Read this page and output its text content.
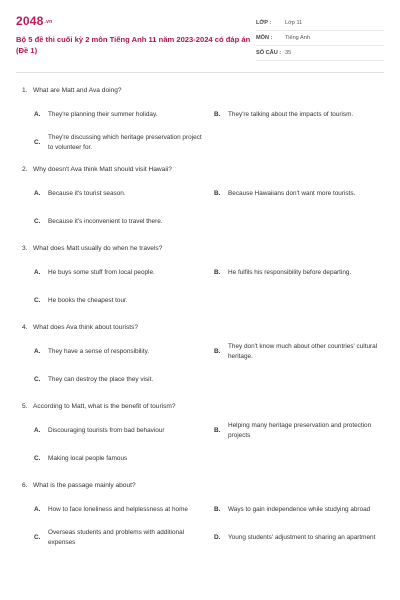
2048.vn
Bộ 5 đề thi cuối kỳ 2 môn Tiếng Anh 11 năm 2023-2024 có đáp án (Đề 1)
LỚP :	Lớp 11
MÔN :	Tiếng Anh
SỐ CÂU : 35
1. What are Matt and Ava doing?
A.	They're planning their summer holiday.	B.	They're talking about the impacts of tourism.
C.
They're discussing which heritage preservation project to volunteer for.
2. Why doesn't Ava think Matt should visit Hawaii?
A.	Because it's tourist season.	B.	Because Hawaiians don't want more tourists.
C.	Because it's inconvenient to travel there.
3. What does Matt usually do when he travels?
A.	He buys some stuff from local people.	B.	He fulfils his responsibility before departing.
C.	He books the cheapest tour.
4. What does Ava think about tourists?
A.	They have a sense of responsibility.	B.
They don't know much about other countries' cultural heritage.
C.	They can destroy the place they visit.
5. According to Matt, what is the benefit of tourism?
A.	Discouraging tourists from bad behaviour	B.
Helping many heritage preservation and protection projects
C.	Making local people famous
6. What is the passage mainly about?
A.	How to face loneliness and helplessness at home	B.	Ways to gain independence while studying abroad
C.
Overseas students and problems with additional expenses
D.	Young students' adjustment to sharing an apartment
